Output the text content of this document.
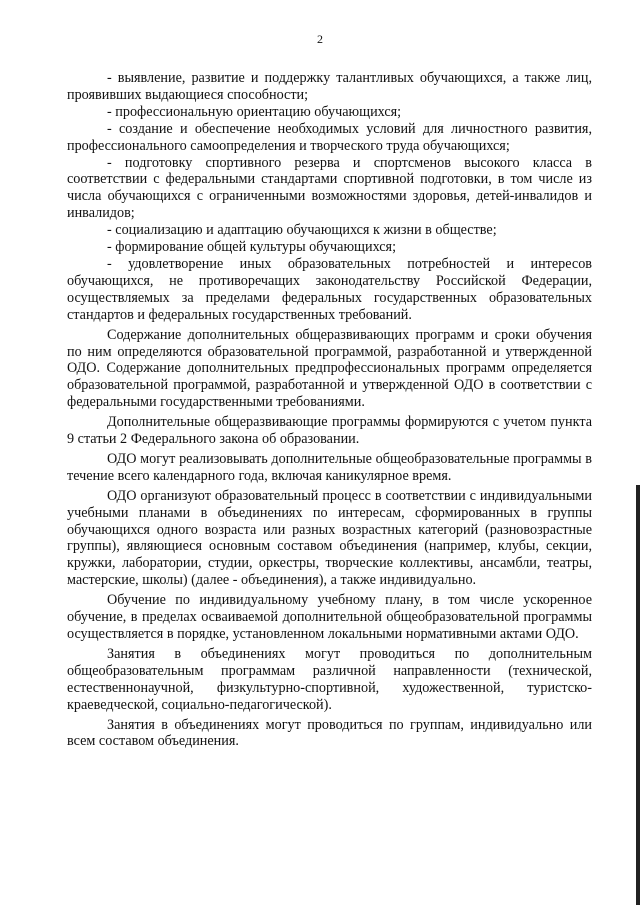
2

- выявление, развитие и поддержку талантливых обучающихся, а также лиц, проявивших выдающиеся способности;

- профессиональную ориентацию обучающихся;

- создание и обеспечение необходимых условий для личностного развития, профессионального самоопределения и творческого труда обучающихся;

- подготовку спортивного резерва и спортсменов высокого класса в соответствии с федеральными стандартами спортивной подготовки, в том числе из числа обучающихся с ограниченными возможностями здоровья, детей-инвалидов и инвалидов;

- социализацию и адаптацию обучающихся к жизни в обществе;

- формирование общей культуры обучающихся;

- удовлетворение иных образовательных потребностей и интересов обучающихся, не противоречащих законодательству Российской Федерации, осуществляемых за пределами федеральных государственных образовательных стандартов и федеральных государственных требований.

Содержание дополнительных общеразвивающих программ и сроки обучения по ним определяются образовательной программой, разработанной и утвержденной ОДО. Содержание дополнительных предпрофессиональных программ определяется образовательной программой, разработанной и утвержденной ОДО в соответствии с федеральными государственными требованиями.

Дополнительные общеразвивающие программы формируются с учетом пункта 9 статьи 2 Федерального закона об образовании.

ОДО могут реализовывать дополнительные общеобразовательные программы в течение всего календарного года, включая каникулярное время.

ОДО организуют образовательный процесс в соответствии с индивидуальными учебными планами в объединениях по интересам, сформированных в группы обучающихся одного возраста или разных возрастных категорий (разновозрастные группы), являющиеся основным составом объединения (например, клубы, секции, кружки, лаборатории, студии, оркестры, творческие коллективы, ансамбли, театры, мастерские, школы) (далее - объединения), а также индивидуально.

Обучение по индивидуальному учебному плану, в том числе ускоренное обучение, в пределах осваиваемой дополнительной общеобразовательной программы осуществляется в порядке, установленном локальными нормативными актами ОДО.

Занятия в объединениях могут проводиться по дополнительным общеобразовательным программам различной направленности (технической, естественнонаучной, физкультурно-спортивной, художественной, туристско-краеведческой, социально-педагогической).

Занятия в объединениях могут проводиться по группам, индивидуально или всем составом объединения.
